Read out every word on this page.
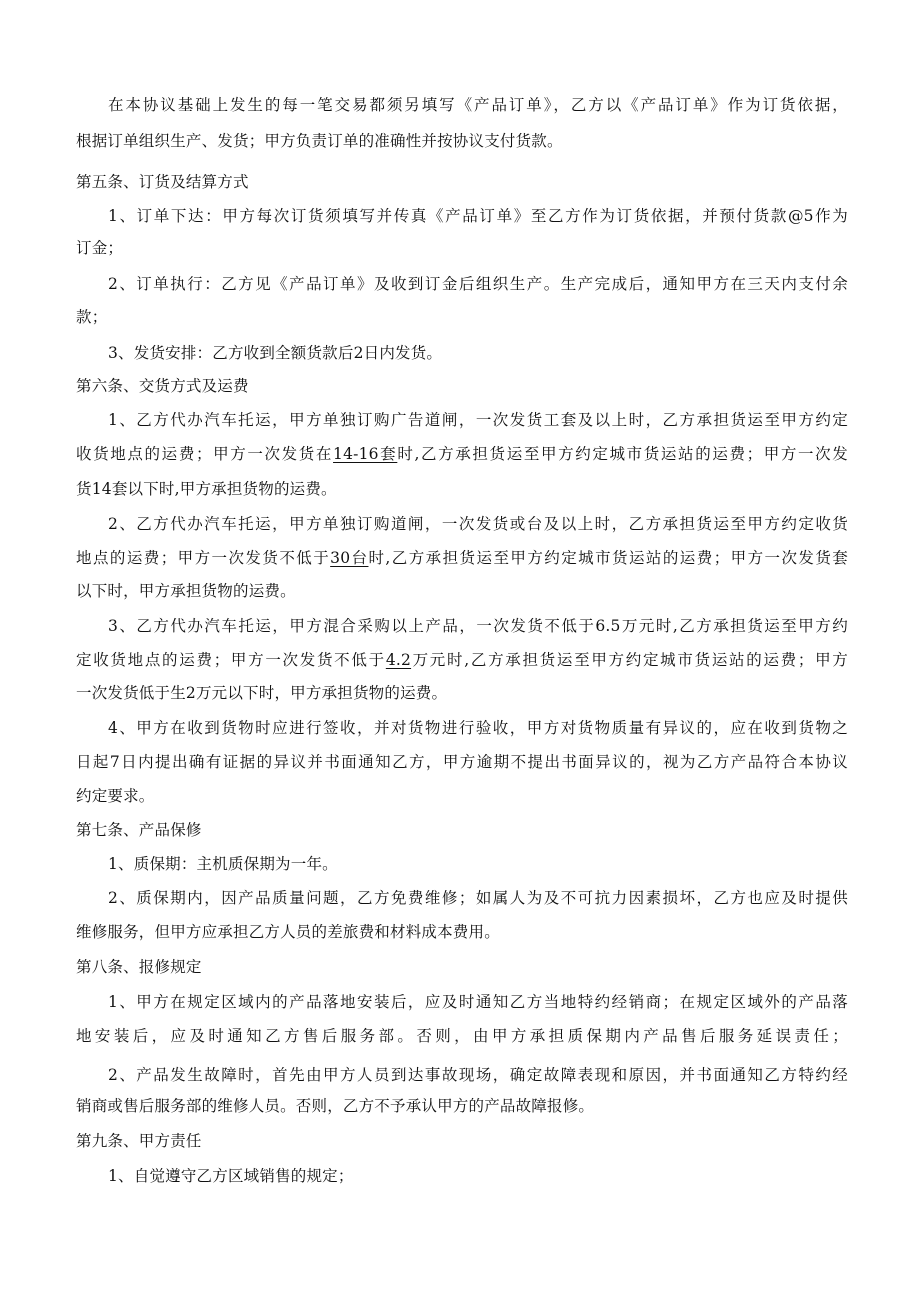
在本协议基础上发生的每一笔交易都须另填写《产品订单》，乙方以《产品订单》作为订货依据，
根据订单组织生产、发货；甲方负责订单的准确性并按协议支付货款。
第五条、订货及结算方式
1、订单下达：甲方每次订货须填写并传真《产品订单》至乙方作为订货依据，并预付货款@5作为
订金；
2、订单执行：乙方见《产品订单》及收到订金后组织生产。生产完成后，通知甲方在三天内支付余
款；
3、发货安排：乙方收到全额货款后2日内发货。
第六条、交货方式及运费
1、乙方代办汽车托运，甲方单独订购广告道闸，一次发货工套及以上时，乙方承担货运至甲方约定
收货地点的运费；甲方一次发货在14-16套时,乙方承担货运至甲方约定城市货运站的运费；甲方一次发
货14套以下时,甲方承担货物的运费。
2、乙方代办汽车托运，甲方单独订购道闸，一次发货或台及以上时，乙方承担货运至甲方约定收货
地点的运费；甲方一次发货不低于30台时,乙方承担货运至甲方约定城市货运站的运费；甲方一次发货套
以下时，甲方承担货物的运费。
3、乙方代办汽车托运，甲方混合采购以上产品，一次发货不低于6.5万元时,乙方承担货运至甲方约
定收货地点的运费；甲方一次发货不低于4.2万元时,乙方承担货运至甲方约定城市货运站的运费；甲方
一次发货低于生2万元以下时，甲方承担货物的运费。
4、甲方在收到货物时应进行签收，并对货物进行验收，甲方对货物质量有异议的，应在收到货物之
日起7日内提出确有证据的异议并书面通知乙方，甲方逾期不提出书面异议的，视为乙方产品符合本协议
约定要求。
第七条、产品保修
1、质保期：主机质保期为一年。
2、质保期内，因产品质量问题，乙方免费维修；如属人为及不可抗力因素损坏，乙方也应及时提供
维修服务，但甲方应承担乙方人员的差旅费和材料成本费用。
第八条、报修规定
1、甲方在规定区域内的产品落地安装后，应及时通知乙方当地特约经销商；在规定区域外的产品落
地安装后，应及时通知乙方售后服务部。否则，由甲方承担质保期内产品售后服务延误责任；
2、产品发生故障时，首先由甲方人员到达事故现场，确定故障表现和原因，并书面通知乙方特约经
销商或售后服务部的维修人员。否则，乙方不予承认甲方的产品故障报修。
第九条、甲方责任
1、自觉遵守乙方区域销售的规定；
